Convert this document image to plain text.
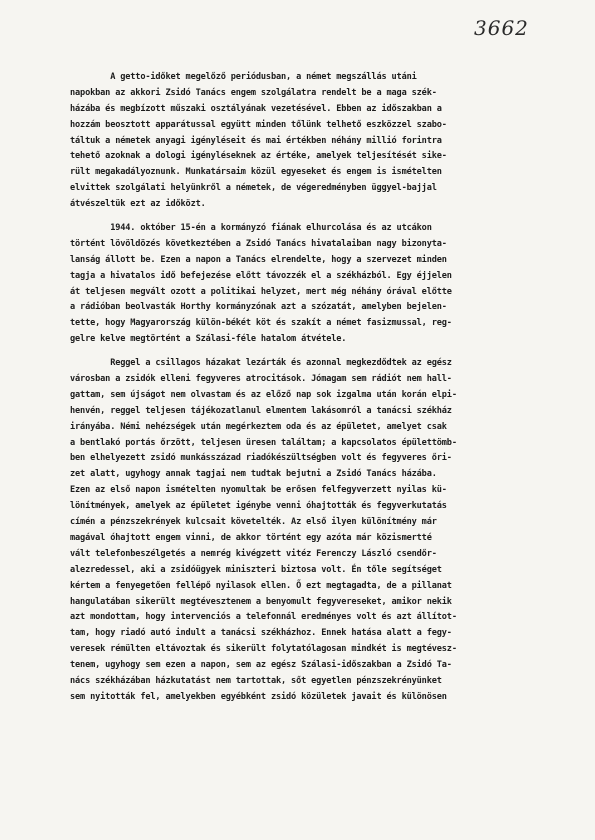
3662
A getto-időket megelőző periódusban, a német megszállás utáni
napokban az akkori Zsidó Tanács engem szolgálatra rendelt be a maga szék-
házába és megbízott műszaki osztályának vezetésével. Ebben az időszakban a
hozzám beosztott apparátussal együtt minden tőlünk telhető eszközzel szabo-
táltuk a németek anyagi igényléseit és mai értékben néhány millió forintra
tehető azoknak a dologi igényléseknek az értéke, amelyek teljesítését sike-
rült megakadályoznunk. Munkatársaim közül egyeseket és engem is ismételten
elvittek szolgálati helyünkről a németek, de végeredményben üggyel-bajjal
átvészeltük ezt az időközt.
1944. október 15-én a kormányzó fiának elhurcolása és az utcákon
történt lövöldözés következtében a Zsidó Tanács hivatalaiban nagy bizonyta-
lanság állott be. Ezen a napon a Tanács elrendelte, hogy a szervezet minden
tagja a hivatalos idő befejezése előtt távozzék el a székházból. Egy éjjelen
át teljesen megvált ozott a politikai helyzet, mert még néhány órával előtte
a rádióban beolvasták Horthy kormányzónak azt a szózatát, amelyben bejelen-
tette, hogy Magyarország külön-békét köt és szakít a német fasizmussal, reg-
gelre kelve megtörtént a Szálasi-féle hatalom átvétele.
Reggel a csillagos házakat lezárták és azonnal megkezdődtek az egész
városban a zsidók elleni fegyveres atrocitások. Jómagam sem rádiót nem hall-
gattam, sem újságot nem olvastam és az előző nap sok izgalma után korán elpi-
henvén, reggel teljesen tájékozatlanul elmentem lakásomról a tanácsi székház
irányába. Némi nehézségek után megérkeztem oda és az épületet, amelyet csak
a bentlakó portás őrzött, teljesen üresen találtam; a kapcsolatos épülettömb-
ben elhelyezett zsidó munkásszázad riadókészültségben volt és fegyveres őri-
zet alatt, ugyhogy annak tagjai nem tudtak bejutni a Zsidó Tanács házába.
Ezen az első napon ismételten nyomultak be erősen felfegyverzett nyilas kü-
lönítmények, amelyek az épületet igénybe venni óhajtották és fegyverkutatás
címén a pénzszekrények kulcsait követelték. Az első ilyen különítmény már
magával óhajtott engem vinni, de akkor történt egy azóta már közismertté
vált telefonbeszélgetés a nemrég kivégzett vitéz Ferenczy László csendőr-
alezredessel, aki a zsidóügyek miniszteri biztosa volt. Én tőle segítséget
kértem a fenyegetően fellépő nyilasok ellen. Ő ezt megtagadta, de a pillanat
hangulatában sikerült megtévesztenem a benyomult fegyvereseket, amikor nekik
azt mondottam, hogy intervenciós a telefonnál eredményes volt és azt állítot-
tam, hogy riadó autó indult a tanácsi székházhoz. Ennek hatása alatt a fegy-
veresek rémülten eltávoztak és sikerült folytatólagosan mindkét is megtévesz-
tenem, ugyhogy sem ezen a napon, sem az egész Szálasi-időszakban a Zsidó Ta-
nács székházában házkutatást nem tartottak, sőt egyetlen pénzszekrényünket
sem nyitották fel, amelyekben egyébként zsidó közületek javait és különösen
